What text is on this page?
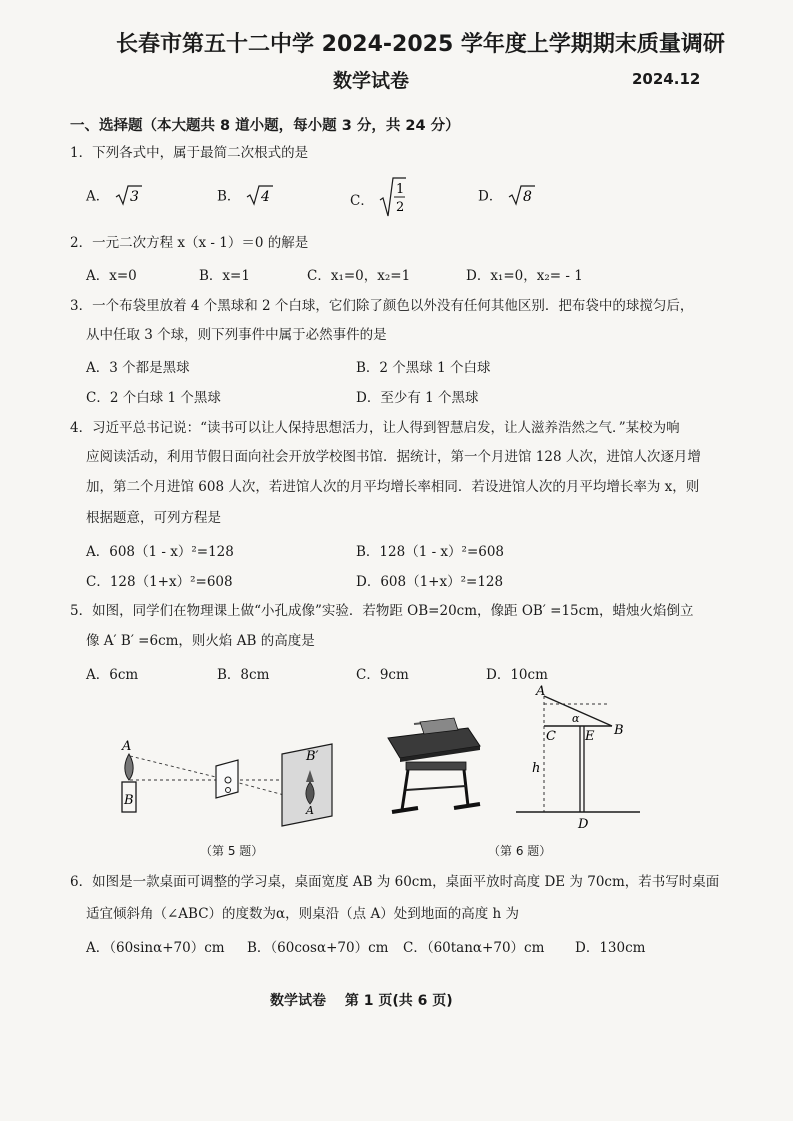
长春市第五十二中学 2024-2025 学年度上学期期末质量调研
数学试卷	2024.12
一、选择题（本大题共 8 道小题，每小题 3 分，共 24 分）
1．下列各式中，属于最简二次根式的是
A． 3	B． 4	C．
1
2
D． 8
2．一元二次方程 x（x - 1）＝0 的解是
A．x=0	B．x=1	C．x₁=0，x₂=1	D．x₁=0，x₂= - 1
3．一个布袋里放着 4 个黑球和 2 个白球，它们除了颜色以外没有任何其他区别．把布袋中的球搅匀后，
从中任取 3 个球，则下列事件中属于必然事件的是
A．3 个都是黑球	B．2 个黑球 1 个白球
C．2 个白球 1 个黑球	D．至少有 1 个黑球
4．习近平总书记说：“读书可以让人保持思想活力，让人得到智慧启发，让人滋养浩然之气．”某校为响
应阅读活动，利用节假日面向社会开放学校图书馆．据统计，第一个月进馆 128 人次，进馆人次逐月增
加，第二个月进馆 608 人次，若进馆人次的月平均增长率相同．若设进馆人次的月平均增长率为 x，则
根据题意，可列方程是
A．608（1 - x）²=128	B．128（1 - x）²=608
C．128（1+x）²=608	D．608（1+x）²=128
5．如图，同学们在物理课上做“小孔成像”实验．若物距 OB=20cm，像距 OB′ =15cm，蜡烛火焰倒立
像 A′ B′ =6cm，则火焰 AB 的高度是
A．6cm	B．8cm	C．9cm	D．10cm
A
B
B′
A
（第 5 题）
A
C E B
h
D
α
（第 6 题）
6．如图是一款桌面可调整的学习桌，桌面宽度 AB 为 60cm，桌面平放时高度 DE 为 70cm，若书写时桌面
适宜倾斜角（∠ABC）的度数为α，则桌沿（点 A）处到地面的高度 h 为
A．（60sinα+70）cm B．（60cosα+70）cm C．（60tanα+70）cm D．130cm
数学试卷　 第 1 页(共 6 页)
